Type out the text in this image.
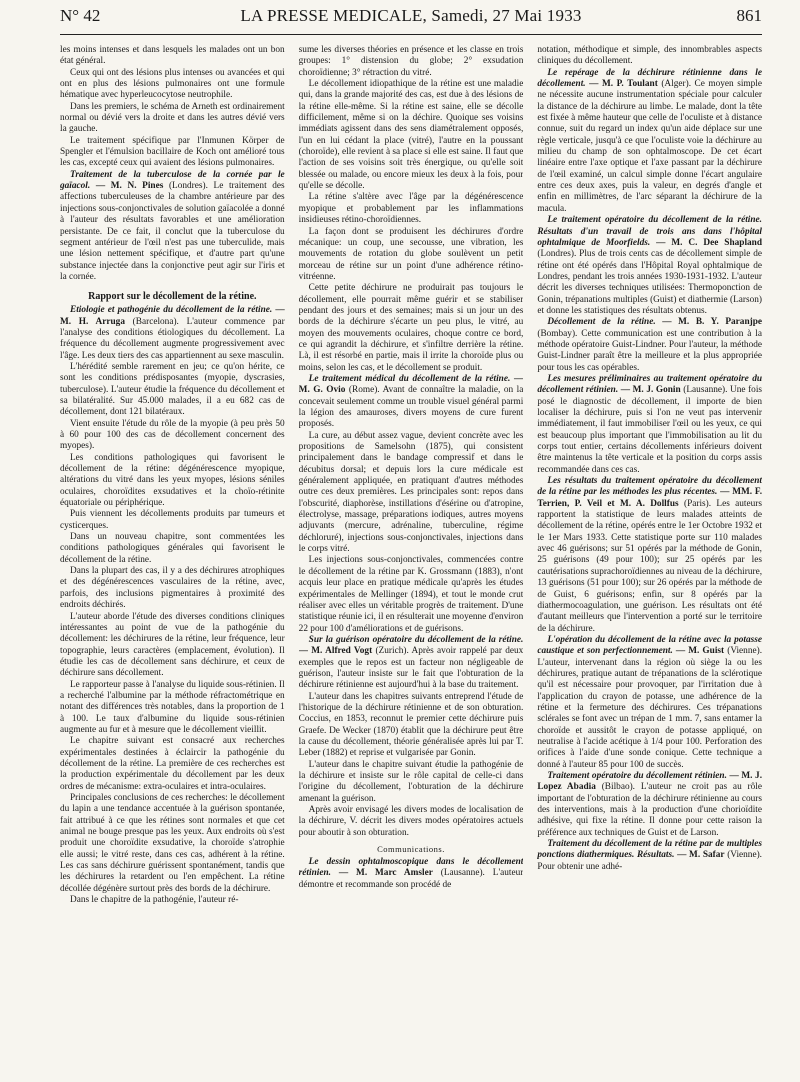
N° 42	LA PRESSE MEDICALE, Samedi, 27 Mai 1933	861

les moins intenses et dans lesquels les malades ont un bon état général.

Ceux qui ont des lésions plus intenses ou avancées et qui ont en plus des lésions pulmonaires ont une formule hématique avec hyperleucocytose neutrophile.

Dans les premiers, le schéma de Arneth est ordinairement normal ou dévié vers la droite et dans les autres dévié vers la gauche.

Le traitement spécifique par l'Inmunen Körper de Spengler et l'émulsion bacillaire de Koch ont amélioré tous les cas, excepté ceux qui avaient des lésions pulmonaires.

Traitement de la tuberculose de la cornée par le gaïacol. — M. N. Pines (Londres). Le traitement des affections tuberculeuses de la chambre antérieure par des injections sous-conjonctivales de solution gaïacolée a donné à l'auteur des résultats favorables et une amélioration persistante. De ce fait, il conclut que la tuberculose du segment antérieur de l'œil n'est pas une tuberculide, mais une lésion nettement spécifique, et d'autre part qu'une substance injectée dans la conjonctive peut agir sur l'iris et la cornée.

Rapport sur le décollement de la rétine.

Etiologie et pathogénie du décollement de la rétine. — M. H. Arruga (Barcelona). L'auteur commence par l'analyse des conditions étiologiques du décollement. La fréquence du décollement augmente progressivement avec l'âge. Les deux tiers des cas appartiennent au sexe masculin.

L'hérédité semble rarement en jeu; ce qu'on hérite, ce sont les conditions prédisposantes (myopie, dyscrasies, tuberculose). L'auteur étudie la fréquence du décollement et sa bilatéralité. Sur 45.000 malades, il a eu 682 cas de décollement, dont 121 bilatéraux.

Vient ensuite l'étude du rôle de la myopie (à peu près 50 à 60 pour 100 des cas de décollement concernent des myopes).

Les conditions pathologiques qui favorisent le décollement de la rétine: dégénérescence myopique, altérations du vitré dans les yeux myopes, lésions séniles oculaires, choroïdites exsudatives et la choïo-rétinite équatoriale ou périphérique.

Puis viennent les décollements produits par tumeurs et cysticerques.

Dans un nouveau chapitre, sont commentées les conditions pathologiques générales qui favorisent le décollement de la rétine.

Dans la plupart des cas, il y a des déchirures atrophiques et des dégénérescences vasculaires de la rétine, avec, parfois, des inclusions pigmentaires à proximité des endroits déchirés.

L'auteur aborde l'étude des diverses conditions cliniques intéressantes au point de vue de la pathogénie du décollement: les déchirures de la rétine, leur fréquence, leur topographie, leurs caractères (emplacement, évolution). Il étudie les cas de décollement sans déchirure, et ceux de déchirure sans décollement.

Le rapporteur passe à l'analyse du liquide sous-rétinien. Il a recherché l'albumine par la méthode réfractométrique en notant des différences très notables, dans la proportion de 1 à 100. Le taux d'albumine du liquide sous-rétinien augmente au fur et à mesure que le décollement vieillit.

Le chapitre suivant est consacré aux recherches expérimentales destinées à éclaircir la pathogénie du décollement de la rétine. La première de ces recherches est la production expérimentale du décollement par les deux ordres de mécanisme: extra-oculaires et intra-oculaires.

Principales conclusions de ces recherches: le décollement du lapin a une tendance accentuée à la guérison spontanée, fait attribué à ce que les rétines sont normales et que cet animal ne bouge presque pas les yeux. Aux endroits où s'est produit une choroïdite exsudative, la choroïde s'atrophie elle aussi; le vitré reste, dans ces cas, adhérent à la rétine. Les cas sans déchirure guérissent spontanément, tandis que les déchirures la retardent ou l'en empêchent. La rétine décollée dégénère surtout près des bords de la déchirure.

Dans le chapitre de la pathogénie, l'auteur ré-

sume les diverses théories en présence et les classe en trois groupes: 1° distension du globe; 2° exsudation choroïdienne; 3° rétraction du vitré.

Le décollement idiopathique de la rétine est une maladie qui, dans la grande majorité des cas, est due à des lésions de la rétine elle-même. Si la rétine est saine, elle se décolle difficilement, même si on la déchire. Quoique ses voisins immédiats agissent dans des sens diamétralement opposés, l'un en lui cédant la place (vitré), l'autre en la poussant (choroïde), elle revient à sa place si elle est saine. Il faut que l'action de ses voisins soit très énergique, ou qu'elle soit blessée ou malade, ou encore mieux les deux à la fois, pour qu'elle se décolle.

La rétine s'altère avec l'âge par la dégénérescence myopique et probablement par les inflammations insidieuses rétino-choroïdiennes.

La façon dont se produisent les déchirures d'ordre mécanique: un coup, une secousse, une vibration, les mouvements de rotation du globe soulèvent un petit morceau de rétine sur un point d'une adhérence rétino-vitréenne.

Cette petite déchirure ne produirait pas toujours le décollement, elle pourrait même guérir et se stabiliser pendant des jours et des semaines; mais si un jour un des bords de la déchirure s'écarte un peu plus, le vitré, au moyen des mouvements oculaires, choque contre ce bord, ce qui agrandit la déchirure, et s'infiltre derrière la rétine. Là, il est résorbé en partie, mais il irrite la choroïde plus ou moins, selon les cas, et le décollement se produit.

Le traitement médical du décollement de la rétine. — M. G. Ovio (Rome). Avant de connaître la maladie, on la concevait seulement comme un trouble visuel général parmi la légion des amauroses, divers moyens de cure furent proposés.

La cure, au début assez vague, devient concrète avec les propositions de Samelsohn (1875), qui consistent principalement dans le bandage compressif et dans le décubitus dorsal; et depuis lors la cure médicale est généralement appliquée, en pratiquant d'autres méthodes outre ces deux premières. Les principales sont: repos dans l'obscurité, diaphorèse, instillations d'ésérine ou d'atropine, électrolyse, massage, préparations iodiques, autres moyens adjuvants (mercure, adrénaline, tuberculine, régime déchloruré), injections sous-conjonctivales, injections dans le corps vitré.

Les injections sous-conjonctivales, commencées contre le décollement de la rétine par K. Grossmann (1883), n'ont acquis leur place en pratique médicale qu'après les études expérimentales de Mellinger (1894), et tout le monde crut réaliser avec elles un véritable progrès de traitement. D'une statistique réunie ici, il en résulterait une moyenne d'environ 22 pour 100 d'améliorations et de guérisons.

Sur la guérison opératoire du décollement de la rétine. — M. Alfred Vogt (Zurich). Après avoir rappelé par deux exemples que le repos est un facteur non négligeable de guérison, l'auteur insiste sur le fait que l'obturation de la déchirure rétinienne est aujourd'hui à la base du traitement.

L'auteur dans les chapitres suivants entreprend l'étude de l'historique de la déchirure rétinienne et de son obturation. Coccius, en 1853, reconnut le premier cette déchirure puis Graefe. De Wecker (1870) établit que la déchirure peut être la cause du décollement, théorie généralisée après lui par T. Leber (1882) et reprise et vulgarisée par Gonin.

L'auteur dans le chapitre suivant étudie la pathogénie de la déchirure et insiste sur le rôle capital de celle-ci dans l'origine du décollement, l'obturation de la déchirure amenant la guérison.

Après avoir envisagé les divers modes de localisation de la déchirure, V. décrit les divers modes opératoires actuels pour aboutir à son obturation.

Communications.

Le dessin ophtalmoscopique dans le décollement rétinien. — M. Marc Amsler (Lausanne). L'auteur démontre et recommande son procédé de

notation, méthodique et simple, des innombrables aspects cliniques du décollement.

Le repérage de la déchirure rétinienne dans le décollement. — M. P. Toulant (Alger). Ce moyen simple ne nécessite aucune instrumentation spéciale pour calculer la distance de la déchirure au limbe. Le malade, dont la tête est fixée à même hauteur que celle de l'oculiste et à distance connue, suit du regard un index qu'un aide déplace sur une règle verticale, jusqu'à ce que l'oculiste voie la déchirure au milieu du champ de son ophtalmoscope. De cet écart linéaire entre l'axe optique et l'axe passant par la déchirure de l'œil examiné, un calcul simple donne l'écart angulaire entre ces deux axes, puis la valeur, en degrés d'angle et enfin en millimètres, de l'arc séparant la déchirure de la macula.

Le traitement opératoire du décollement de la rétine. Résultats d'un travail de trois ans dans l'hôpital ophtalmique de Moorfields. — M. C. Dee Shapland (Londres). Plus de trois cents cas de décollement simple de rétine ont été opérés dans l'Hôpital Royal ophtalmique de Londres, pendant les trois années 1930-1931-1932. L'auteur décrit les diverses techniques utilisées: Thermoponction de Gonin, trépanations multiples (Guist) et diathermie (Larson) et donne les statistiques des résultats obtenus.

Décollement de la rétine. — M. B. Y. Paranjpe (Bombay). Cette communication est une contribution à la méthode opératoire Guist-Lindner. Pour l'auteur, la méthode Guist-Lindner paraît être la meilleure et la plus appropriée pour tous les cas opérables.

Les mesures préliminaires au traitement opératoire du décollement rétinien. — M. J. Gonin (Lausanne). Une fois posé le diagnostic de décollement, il importe de bien localiser la déchirure, puis si l'on ne veut pas intervenir immédiatement, il faut immobiliser l'œil ou les yeux, ce qui est beaucoup plus important que l'immobilisation au lit du corps tout entier, certains décollements inférieurs doivent être maintenus la tête verticale et la position du corps assis recommandée dans ces cas.

Les résultats du traitement opératoire du décollement de la rétine par les méthodes les plus récentes. — MM. F. Terrien, P. Veil et M. A. Dollfus (Paris). Les auteurs rapportent la statistique de leurs malades atteints de décollement de la rétine, opérés entre le 1er Octobre 1932 et le 1er Mars 1933. Cette statistique porte sur 110 malades avec 46 guérisons; sur 51 opérés par la méthode de Gonin, 25 guérisons (49 pour 100); sur 25 opérés par les cautérisations suprachoroïdiennes au niveau de la déchirure, 13 guérisons (51 pour 100); sur 26 opérés par la méthode de de Guist, 6 guérisons; enfin, sur 8 opérés par la diathermocoagulation, une guérison. Les résultats ont été d'autant meilleurs que l'intervention a porté sur le territoire de la déchirure.

L'opération du décollement de la rétine avec la potasse caustique et son perfectionnement. — M. Guist (Vienne). L'auteur, intervenant dans la région où siège la ou les déchirures, pratique autant de trépanations de la sclérotique qu'il est nécessaire pour provoquer, par l'irritation due à l'application du crayon de potasse, une adhérence de la rétine et la fermeture des déchirures. Ces trépanations sclérales se font avec un trépan de 1 mm. 7, sans entamer la choroïde et aussitôt le crayon de potasse appliqué, on neutralise à l'acide acétique à 1/4 pour 100. Perforation des orifices à l'aide d'une sonde conique. Cette technique a donné à l'auteur 85 pour 100 de succès.

Traitement opératoire du décollement rétinien. — M. J. Lopez Abadia (Bilbao). L'auteur ne croit pas au rôle important de l'obturation de la déchirure rétinienne au cours des interventions, mais à la production d'une chorioïdite adhésive, qui fixe la rétine. Il donne pour cette raison la préférence aux techniques de Guist et de Larson.

Traitement du décollement de la rétine par de multiples ponctions diathermiques. Résultats. — M. Safar (Vienne). Pour obtenir une adhé-
